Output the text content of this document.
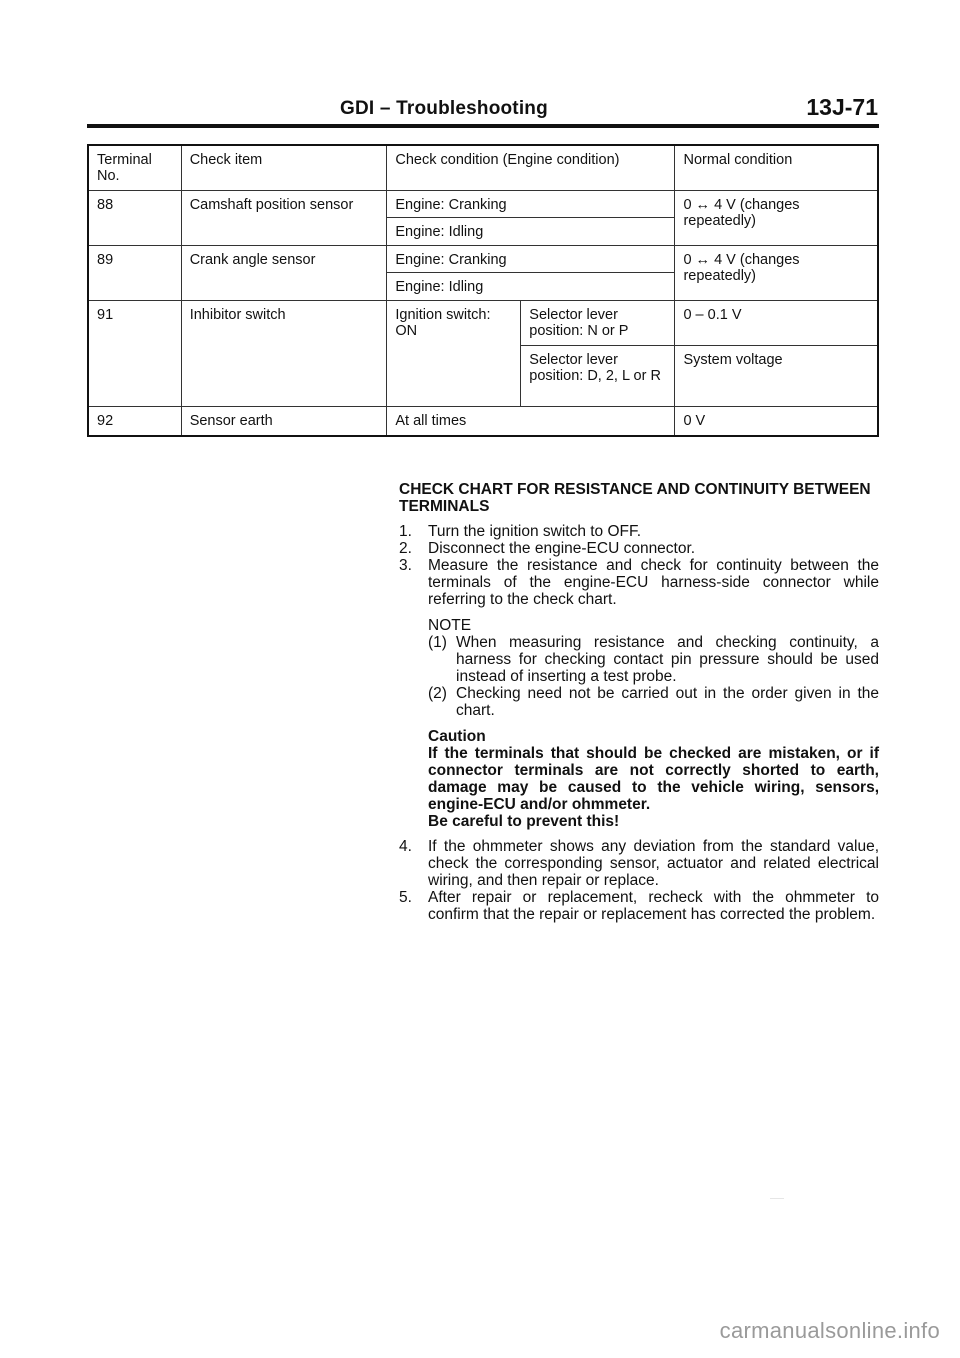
GDI – Troubleshooting	13J-71
Terminal No.	Check item	Check condition (Engine condition)		Normal condition
88	Camshaft position sensor	Engine: Cranking		0 ↔ 4 V (changes repeatedly)
		Engine: Idling		
89	Crank angle sensor	Engine: Cranking		0 ↔ 4 V (changes repeatedly)
		Engine: Idling		
91	Inhibitor switch	Ignition switch: ON	Selector lever position: N or P	0 – 0.1 V
			Selector lever position: D, 2, L or R	System voltage
92	Sensor earth	At all times		0 V
CHECK CHART FOR RESISTANCE AND CONTINUITY BETWEEN TERMINALS
1.	Turn the ignition switch to OFF.
2.	Disconnect the engine-ECU connector.
3.	Measure the resistance and check for continuity between the terminals of the engine-ECU harness-side connector while referring to the check chart.
NOTE
(1) When measuring resistance and checking continuity, a harness for checking contact pin pressure should be used instead of inserting a test probe.
(2) Checking need not be carried out in the order given in the chart.
Caution
If the terminals that should be checked are mistaken, or if connector terminals are not correctly shorted to earth, damage may be caused to the vehicle wiring, sensors, engine-ECU and/or ohmmeter.
Be careful to prevent this!
4.	If the ohmmeter shows any deviation from the standard value, check the corresponding sensor, actuator and related electrical wiring, and then repair or replace.
5.	After repair or replacement, recheck with the ohmmeter to confirm that the repair or replacement has corrected the problem.
carmanualsonline.info
